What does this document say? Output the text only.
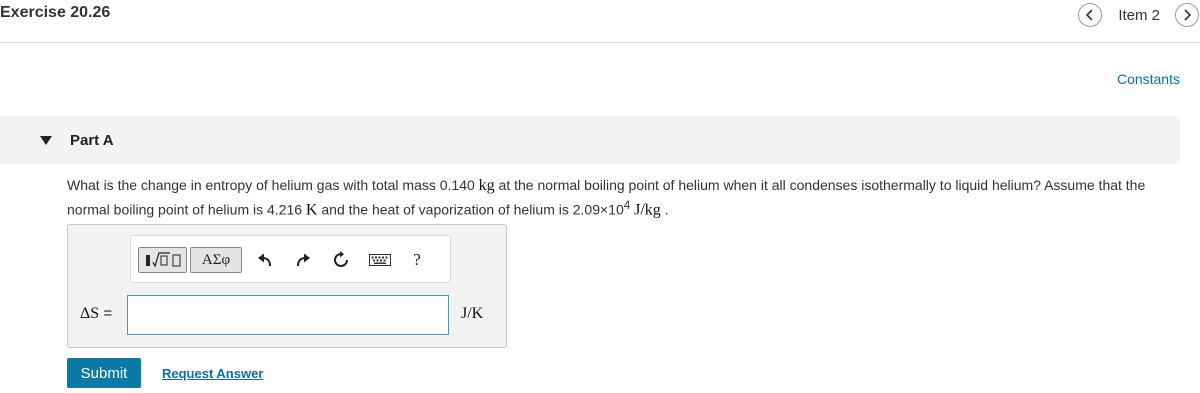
Exercise 20.26	Item 2
Constants
Part A
What is the change in entropy of helium gas with total mass 0.140 kg at the normal boiling point of helium when it all condenses isothermally to liquid helium? Assume that the normal boiling point of helium is 4.216 K and the heat of vaporization of helium is $2.09\times 10^4$ J/kg .
ΑΣφ	?
ΔS =	J/K
Submit	Request Answer
